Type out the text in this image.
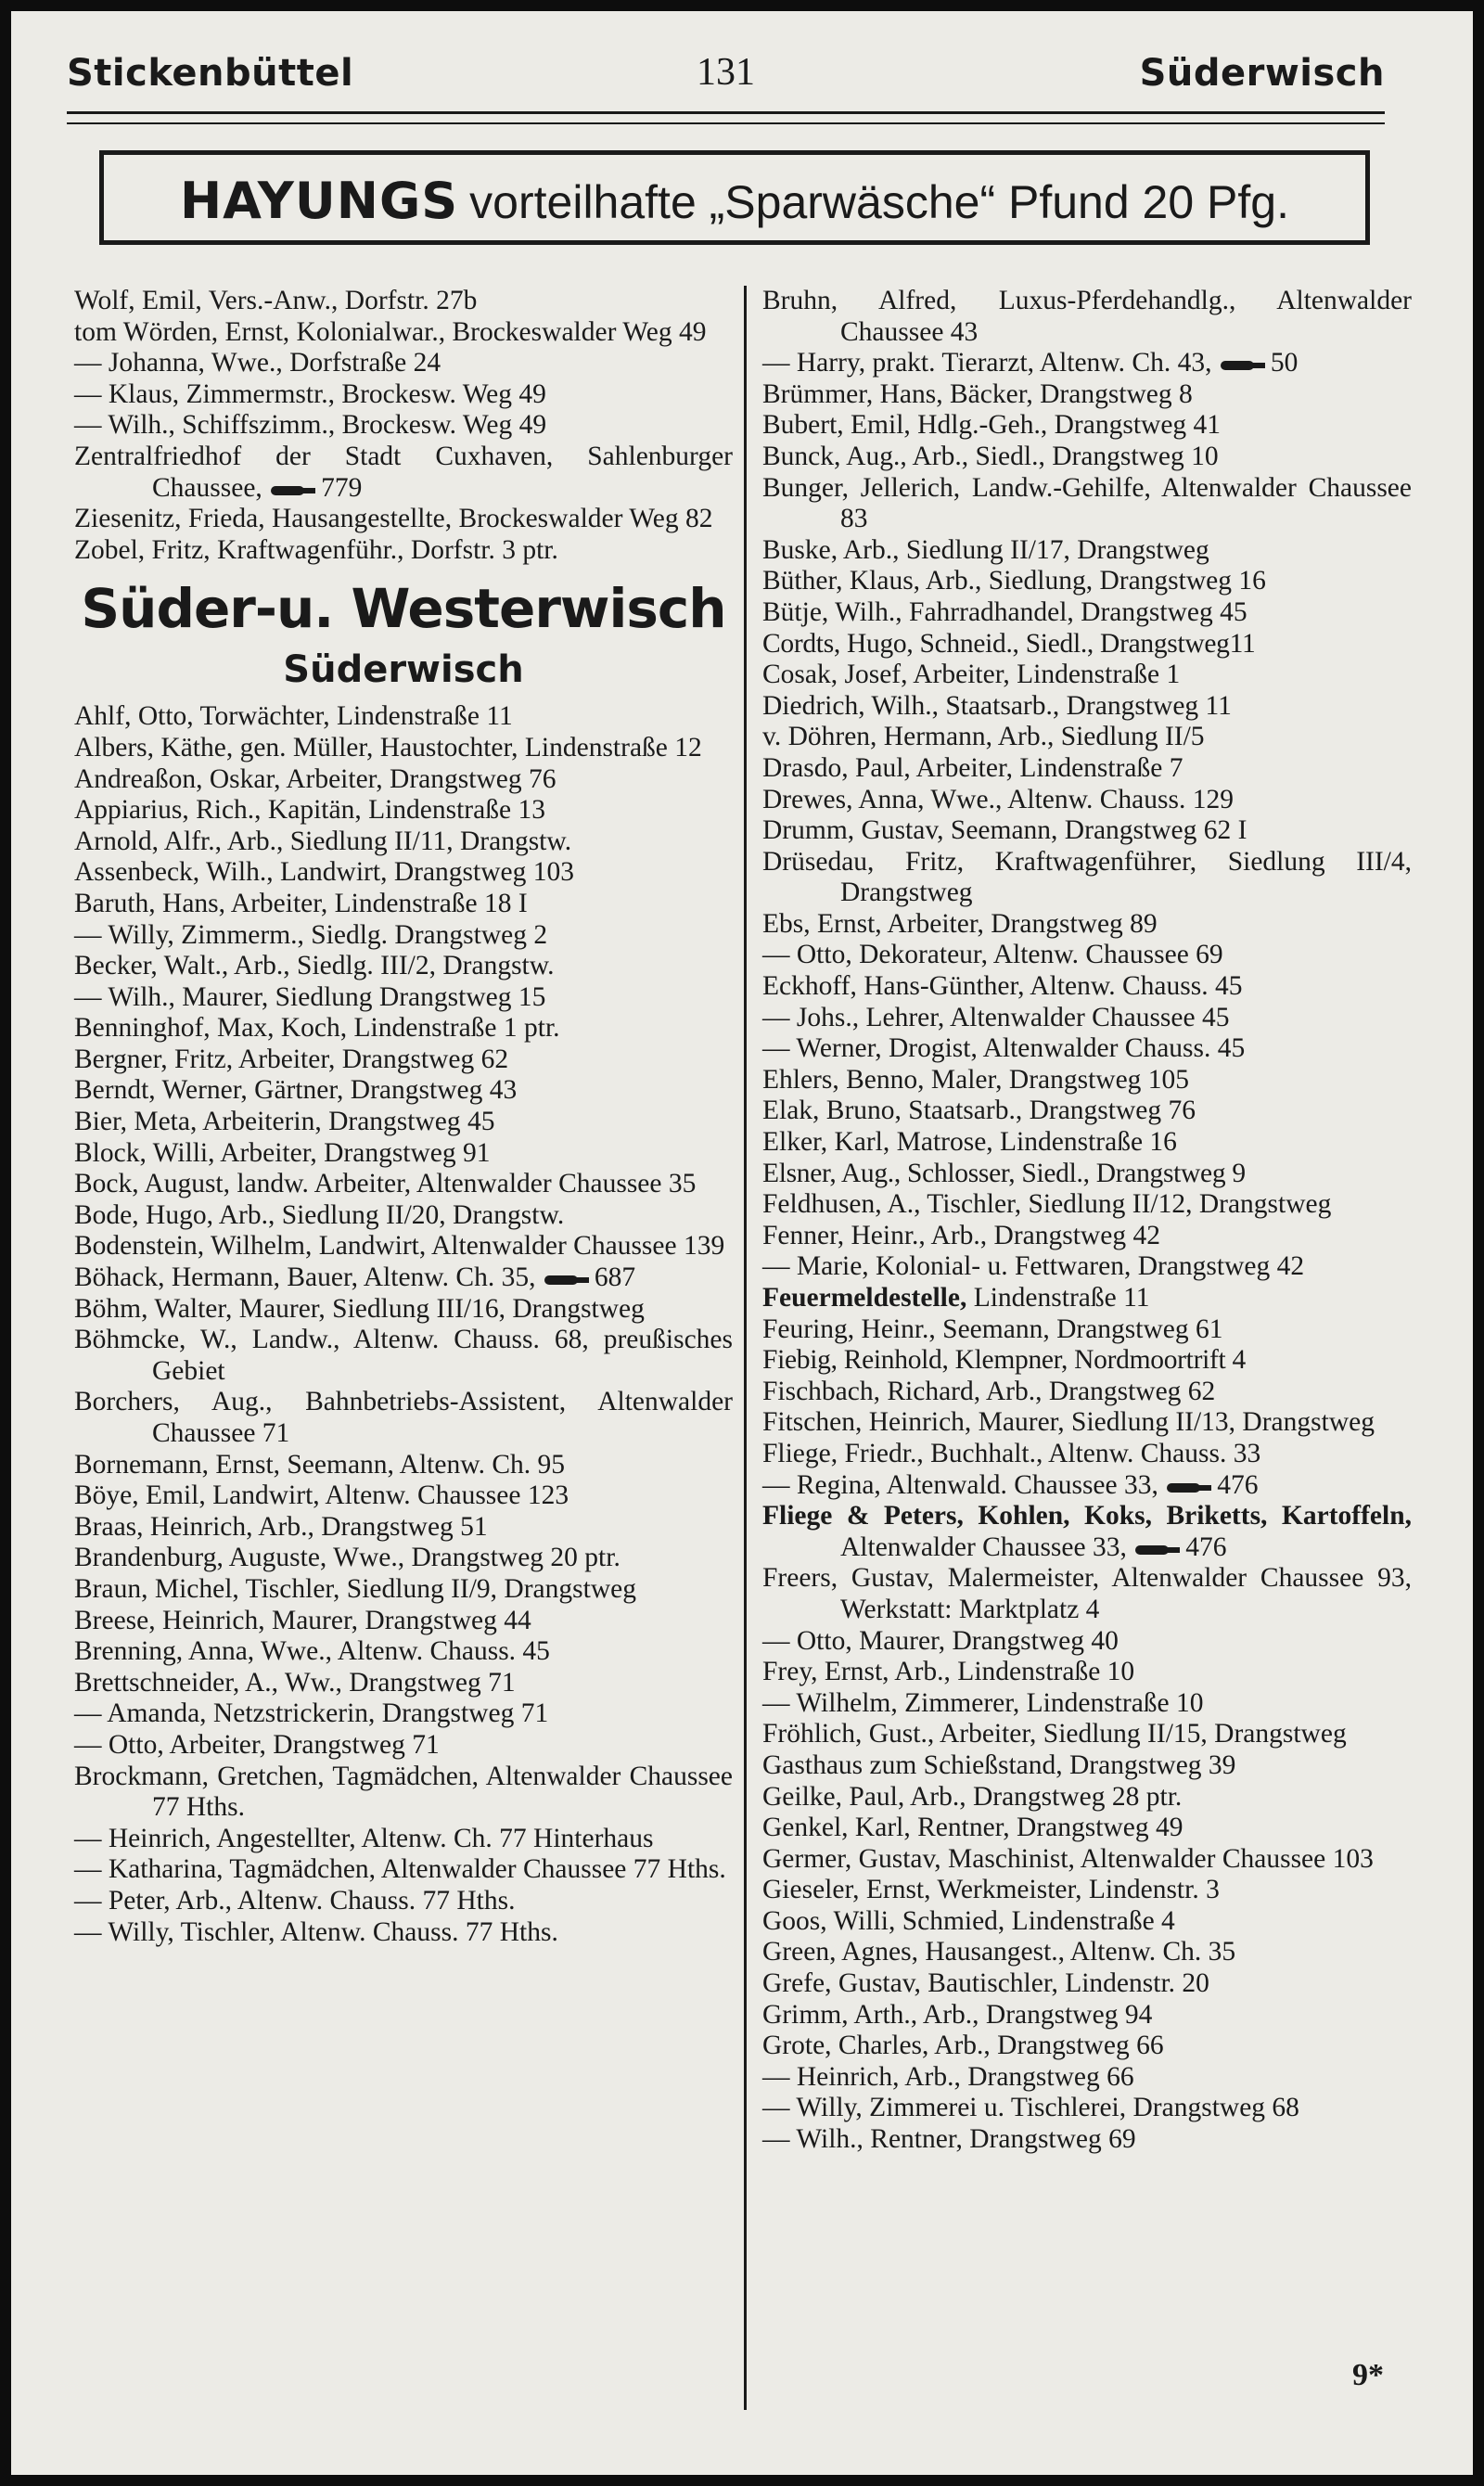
Stickenbüttel	131	Süderwisch
HAYUNGS vorteilhafte „Sparwäsche“ Pfund 20 Pfg.
Wolf, Emil, Vers.-Anw., Dorfstr. 27b
tom Wörden, Ernst, Kolonialwar., Brockeswalder Weg 49
— Johanna, Wwe., Dorfstraße 24
— Klaus, Zimmermstr., Brockesw. Weg 49
— Wilh., Schiffszimm., Brockesw. Weg 49
Zentralfriedhof der Stadt Cuxhaven, Sahlenburger Chaussee, 779
Ziesenitz, Frieda, Hausangestellte, Brockeswalder Weg 82
Zobel, Fritz, Kraftwagenführ., Dorfstr. 3 ptr.
Süder-u. Westerwisch
Süderwisch
Ahlf, Otto, Torwächter, Lindenstraße 11
Albers, Käthe, gen. Müller, Haustochter, Lindenstraße 12
Andreaßon, Oskar, Arbeiter, Drangstweg 76
Appiarius, Rich., Kapitän, Lindenstraße 13
Arnold, Alfr., Arb., Siedlung II/11, Drangstw.
Assenbeck, Wilh., Landwirt, Drangstweg 103
Baruth, Hans, Arbeiter, Lindenstraße 18 I
— Willy, Zimmerm., Siedlg. Drangstweg 2
Becker, Walt., Arb., Siedlg. III/2, Drangstw.
— Wilh., Maurer, Siedlung Drangstweg 15
Benninghof, Max, Koch, Lindenstraße 1 ptr.
Bergner, Fritz, Arbeiter, Drangstweg 62
Berndt, Werner, Gärtner, Drangstweg 43
Bier, Meta, Arbeiterin, Drangstweg 45
Block, Willi, Arbeiter, Drangstweg 91
Bock, August, landw. Arbeiter, Altenwalder Chaussee 35
Bode, Hugo, Arb., Siedlung II/20, Drangstw.
Bodenstein, Wilhelm, Landwirt, Altenwalder Chaussee 139
Böhack, Hermann, Bauer, Altenw. Ch. 35, 687
Böhm, Walter, Maurer, Siedlung III/16, Drangstweg
Böhmcke, W., Landw., Altenw. Chauss. 68, preußisches Gebiet
Borchers, Aug., Bahnbetriebs-Assistent, Altenwalder Chaussee 71
Bornemann, Ernst, Seemann, Altenw. Ch. 95
Böye, Emil, Landwirt, Altenw. Chaussee 123
Braas, Heinrich, Arb., Drangstweg 51
Brandenburg, Auguste, Wwe., Drangstweg 20 ptr.
Braun, Michel, Tischler, Siedlung II/9, Drangstweg
Breese, Heinrich, Maurer, Drangstweg 44
Brenning, Anna, Wwe., Altenw. Chauss. 45
Brettschneider, A., Ww., Drangstweg 71
— Amanda, Netzstrickerin, Drangstweg 71
— Otto, Arbeiter, Drangstweg 71
Brockmann, Gretchen, Tagmädchen, Altenwalder Chaussee 77 Hths.
— Heinrich, Angestellter, Altenw. Ch. 77 Hinterhaus
— Katharina, Tagmädchen, Altenwalder Chaussee 77 Hths.
— Peter, Arb., Altenw. Chauss. 77 Hths.
— Willy, Tischler, Altenw. Chauss. 77 Hths.
Bruhn, Alfred, Luxus-Pferdehandlg., Altenwalder Chaussee 43
— Harry, prakt. Tierarzt, Altenw. Ch. 43, 50
Brümmer, Hans, Bäcker, Drangstweg 8
Bubert, Emil, Hdlg.-Geh., Drangstweg 41
Bunck, Aug., Arb., Siedl., Drangstweg 10
Bunger, Jellerich, Landw.-Gehilfe, Altenwalder Chaussee 83
Buske, Arb., Siedlung II/17, Drangstweg
Büther, Klaus, Arb., Siedlung, Drangstweg 16
Bütje, Wilh., Fahrradhandel, Drangstweg 45
Cordts, Hugo, Schneid., Siedl., Drangstweg11
Cosak, Josef, Arbeiter, Lindenstraße 1
Diedrich, Wilh., Staatsarb., Drangstweg 11
v. Döhren, Hermann, Arb., Siedlung II/5
Drasdo, Paul, Arbeiter, Lindenstraße 7
Drewes, Anna, Wwe., Altenw. Chauss. 129
Drumm, Gustav, Seemann, Drangstweg 62 I
Drüsedau, Fritz, Kraftwagenführer, Siedlung III/4, Drangstweg
Ebs, Ernst, Arbeiter, Drangstweg 89
— Otto, Dekorateur, Altenw. Chaussee 69
Eckhoff, Hans-Günther, Altenw. Chauss. 45
— Johs., Lehrer, Altenwalder Chaussee 45
— Werner, Drogist, Altenwalder Chauss. 45
Ehlers, Benno, Maler, Drangstweg 105
Elak, Bruno, Staatsarb., Drangstweg 76
Elker, Karl, Matrose, Lindenstraße 16
Elsner, Aug., Schlosser, Siedl., Drangstweg 9
Feldhusen, A., Tischler, Siedlung II/12, Drangstweg
Fenner, Heinr., Arb., Drangstweg 42
— Marie, Kolonial- u. Fettwaren, Drangstweg 42
Feuermeldestelle, Lindenstraße 11
Feuring, Heinr., Seemann, Drangstweg 61
Fiebig, Reinhold, Klempner, Nordmoortrift 4
Fischbach, Richard, Arb., Drangstweg 62
Fitschen, Heinrich, Maurer, Siedlung II/13, Drangstweg
Fliege, Friedr., Buchhalt., Altenw. Chauss. 33
— Regina, Altenwald. Chaussee 33, 476
Fliege & Peters, Kohlen, Koks, Briketts, Kartoffeln, Altenwalder Chaussee 33, 476
Freers, Gustav, Malermeister, Altenwalder Chaussee 93, Werkstatt: Marktplatz 4
— Otto, Maurer, Drangstweg 40
Frey, Ernst, Arb., Lindenstraße 10
— Wilhelm, Zimmerer, Lindenstraße 10
Fröhlich, Gust., Arbeiter, Siedlung II/15, Drangstweg
Gasthaus zum Schießstand, Drangstweg 39
Geilke, Paul, Arb., Drangstweg 28 ptr.
Genkel, Karl, Rentner, Drangstweg 49
Germer, Gustav, Maschinist, Altenwalder Chaussee 103
Gieseler, Ernst, Werkmeister, Lindenstr. 3
Goos, Willi, Schmied, Lindenstraße 4
Green, Agnes, Hausangest., Altenw. Ch. 35
Grefe, Gustav, Bautischler, Lindenstr. 20
Grimm, Arth., Arb., Drangstweg 94
Grote, Charles, Arb., Drangstweg 66
— Heinrich, Arb., Drangstweg 66
— Willy, Zimmerei u. Tischlerei, Drangstweg 68
— Wilh., Rentner, Drangstweg 69
9*
